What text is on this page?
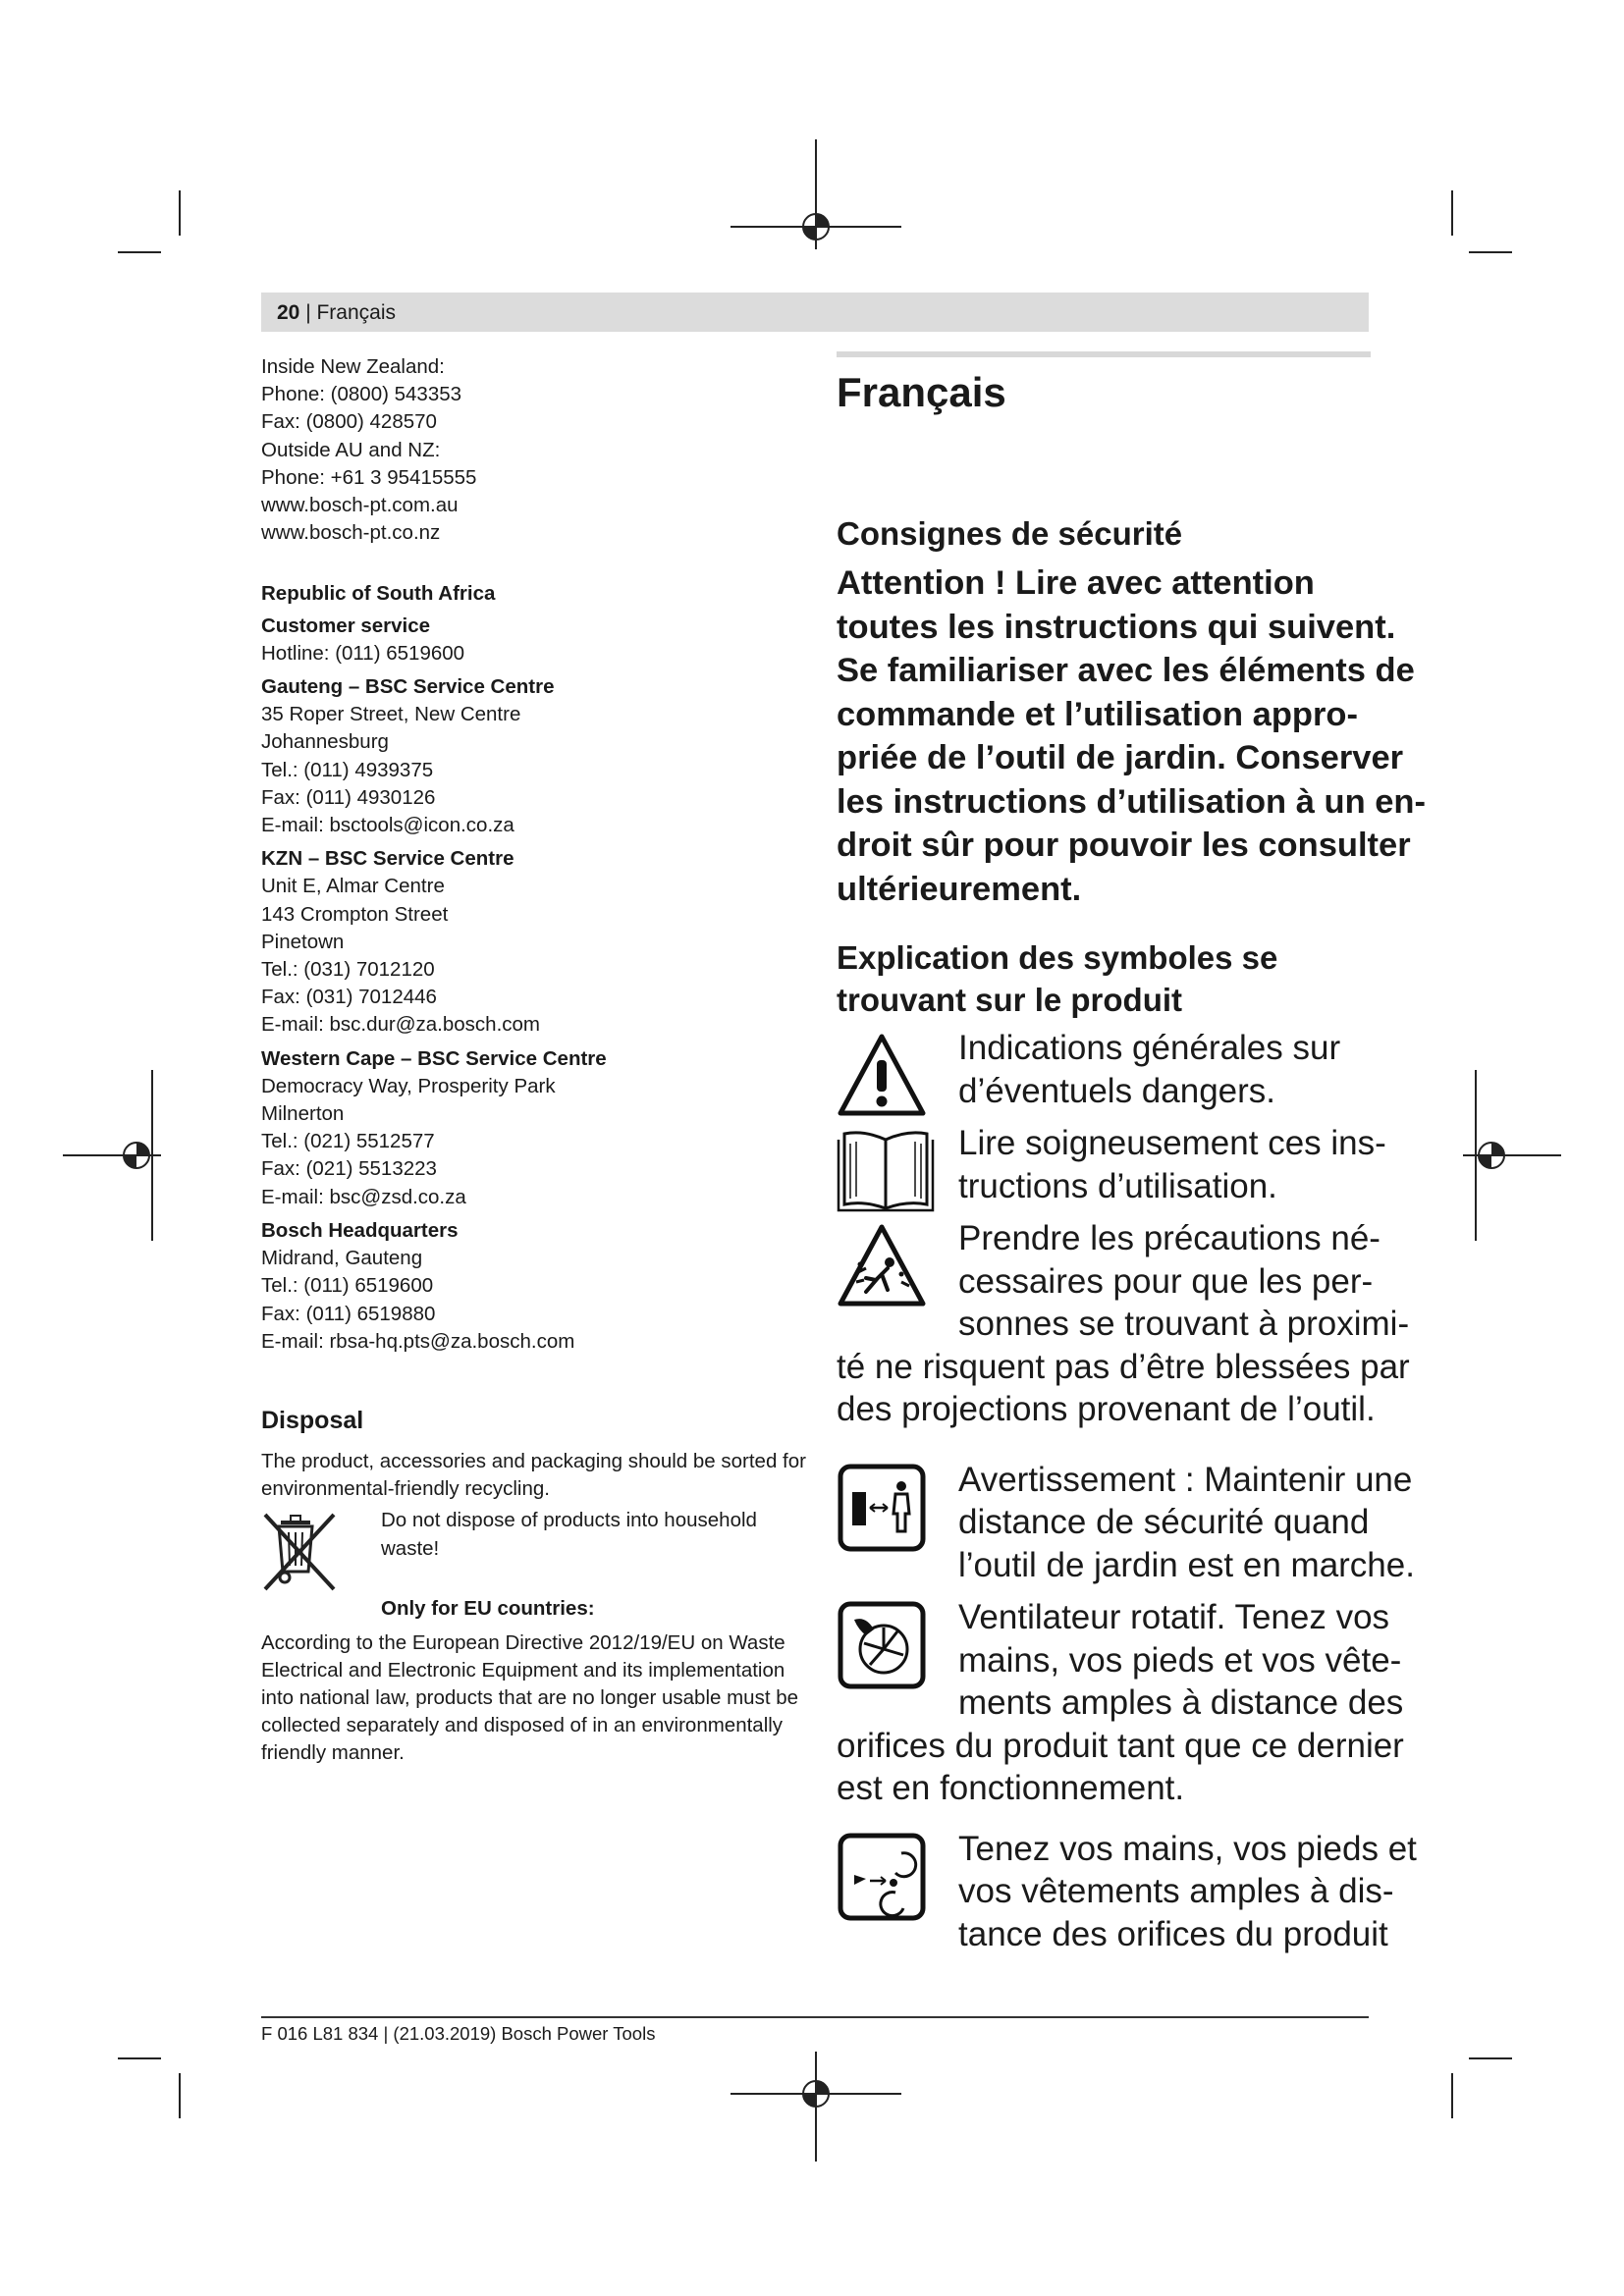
20 | Français
Inside New Zealand:
Phone: (0800) 543353
Fax: (0800) 428570
Outside AU and NZ:
Phone: +61 3 95415555
www.bosch-pt.com.au
www.bosch-pt.co.nz
Republic of South Africa
Customer service
Hotline: (011) 6519600
Gauteng – BSC Service Centre
35 Roper Street, New Centre
Johannesburg
Tel.: (011) 4939375
Fax: (011) 4930126
E-mail: bsctools@icon.co.za
KZN – BSC Service Centre
Unit E, Almar Centre
143 Crompton Street
Pinetown
Tel.: (031) 7012120
Fax: (031) 7012446
E-mail: bsc.dur@za.bosch.com
Western Cape – BSC Service Centre
Democracy Way, Prosperity Park
Milnerton
Tel.: (021) 5512577
Fax: (021) 5513223
E-mail: bsc@zsd.co.za
Bosch Headquarters
Midrand, Gauteng
Tel.: (011) 6519600
Fax: (011) 6519880
E-mail: rbsa-hq.pts@za.bosch.com
Disposal
The product, accessories and packaging should be sorted for environmental-friendly recycling.
Do not dispose of products into household waste!
Only for EU countries:
According to the European Directive 2012/19/EU on Waste Electrical and Electronic Equipment and its implementation into national law, products that are no longer usable must be collected separately and disposed of in an environmentally friendly manner.
Français
Consignes de sécurité
Attention ! Lire avec attention
toutes les instructions qui suivent.
Se familiariser avec les éléments de
commande et l’utilisation appro-
priée de l’outil de jardin. Conserver
les instructions d’utilisation à un en-
droit sûr pour pouvoir les consulter
ultérieurement.
Explication des symboles se
trouvant sur le produit
Indications générales sur
d’éventuels dangers.
Lire soigneusement ces ins-
tructions d’utilisation.
Prendre les précautions né-
cessaires pour que les per-
sonnes se trouvant à proximi-
té ne risquent pas d’être blessées par
des projections provenant de l’outil.
Avertissement : Maintenir une
distance de sécurité quand
l’outil de jardin est en marche.
Ventilateur rotatif. Tenez vos
mains, vos pieds et vos vête-
ments amples à distance des
orifices du produit tant que ce dernier
est en fonctionnement.
Tenez vos mains, vos pieds et
vos vêtements amples à dis-
tance des orifices du produit
F 016 L81 834 | (21.03.2019) Bosch Power Tools
